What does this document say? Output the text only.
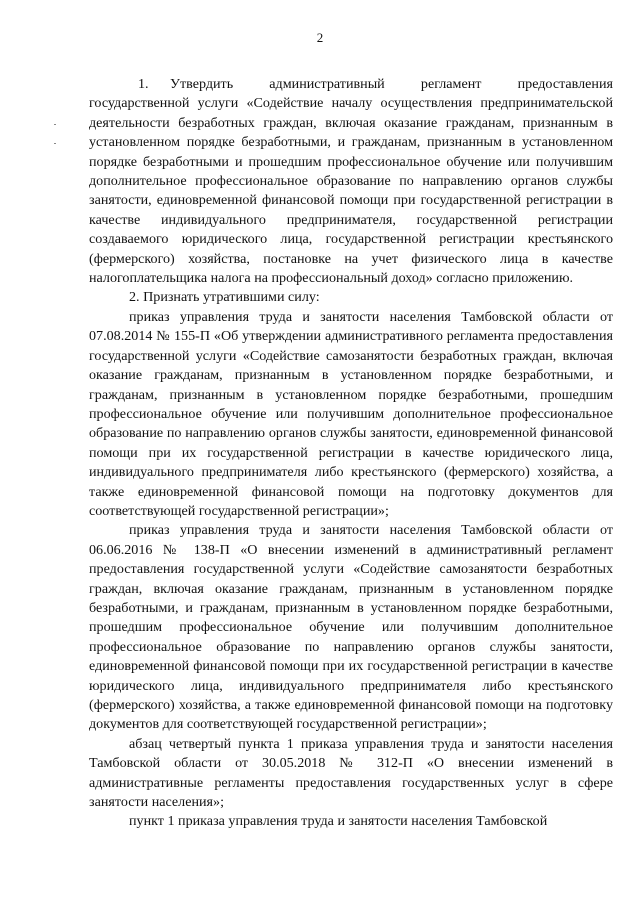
2

1. Утвердить административный регламент предоставления государственной услуги «Содействие началу осуществления предпринимательской деятельности безработных граждан, включая оказание гражданам, признанным в установленном порядке безработными, и гражданам, признанным в установленном порядке безработными и прошедшим профессиональное обучение или получившим дополнительное профессиональное образование по направлению органов службы занятости, единовременной финансовой помощи при государственной регистрации в качестве индивидуального предпринимателя, государственной регистрации создаваемого юридического лица, государственной регистрации крестьянского (фермерского) хозяйства, постановке на учет физического лица в качестве налогоплательщика налога на профессиональный доход» согласно приложению.

2. Признать утратившими силу:

приказ управления труда и занятости населения Тамбовской области от 07.08.2014 № 155-П «Об утверждении административного регламента предоставления государственной услуги «Содействие самозанятости безработных граждан, включая оказание гражданам, признанным в установленном порядке безработными, и гражданам, признанным в установленном порядке безработными, прошедшим профессиональное обучение или получившим дополнительное профессиональное образование по направлению органов службы занятости, единовременной финансовой помощи при их государственной регистрации в качестве юридического лица, индивидуального предпринимателя либо крестьянского (фермерского) хозяйства, а также единовременной финансовой помощи на подготовку документов для соответствующей государственной регистрации»;

приказ управления труда и занятости населения Тамбовской области от 06.06.2016 № 138-П «О внесении изменений в административный регламент предоставления государственной услуги «Содействие самозанятости безработных граждан, включая оказание гражданам, признанным в установленном порядке безработными, и гражданам, признанным в установленном порядке безработными, прошедшим профессиональное обучение или получившим дополнительное профессиональное образование по направлению органов службы занятости, единовременной финансовой помощи при их государственной регистрации в качестве юридического лица, индивидуального предпринимателя либо крестьянского (фермерского) хозяйства, а также единовременной финансовой помощи на подготовку документов для соответствующей государственной регистрации»;

абзац четвертый пункта 1 приказа управления труда и занятости населения Тамбовской области от 30.05.2018 № 312-П «О внесении изменений в административные регламенты предоставления государственных услуг в сфере занятости населения»;

пункт 1 приказа управления труда и занятости населения Тамбовской
